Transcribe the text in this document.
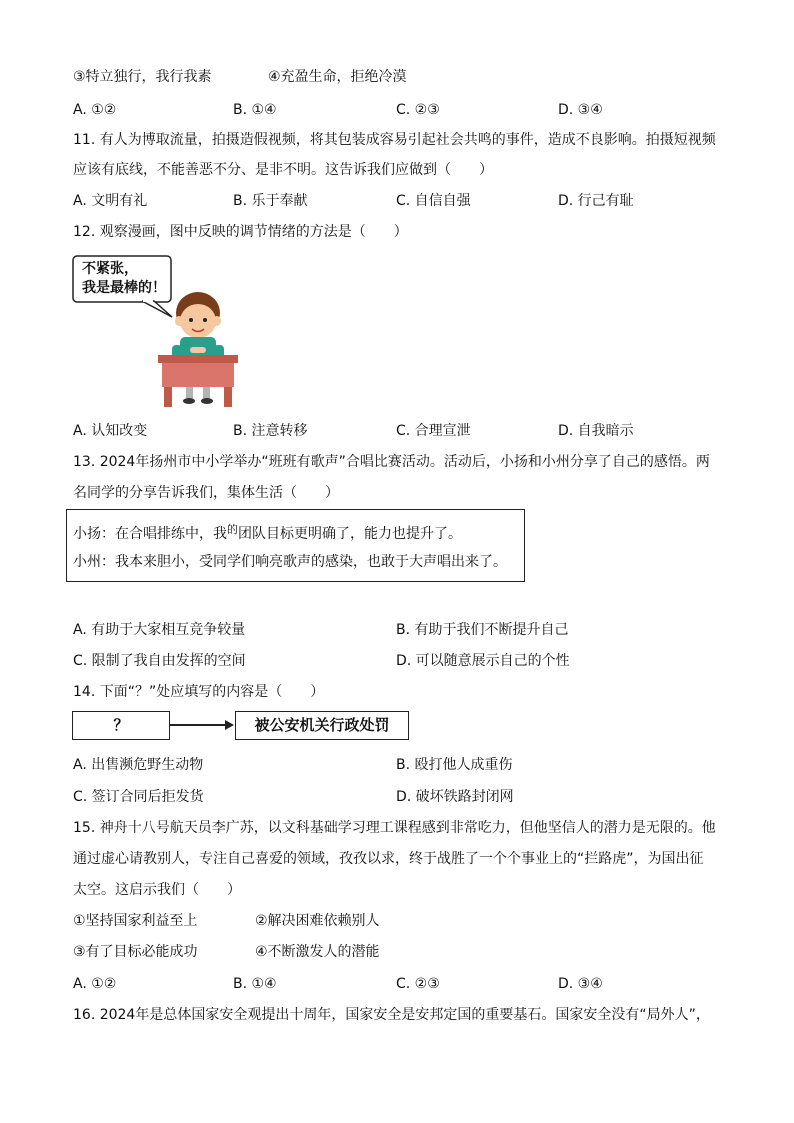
③特立独行，我行我素	④充盈生命，拒绝冷漠
A. ①②	B. ①④	C. ②③	D. ③④
11. 有人为博取流量，拍摄造假视频，将其包装成容易引起社会共鸣的事件，造成不良影响。拍摄短视频
应该有底线，不能善恶不分、是非不明。这告诉我们应做到（　　）
A. 文明有礼	B. 乐于奉献	C. 自信自强	D. 行己有耻
12. 观察漫画，图中反映的调节情绪的方法是（　　）
不紧张，
我是最棒的！
A. 认知改变	B. 注意转移	C. 合理宣泄	D. 自我暗示
13. 2024年扬州市中小学举办“班班有歌声”合唱比赛活动。活动后，小扬和小州分享了自己的感悟。两
名同学的分享告诉我们，集体生活（　　）
小扬：在合唱排练中，我$^的$团队目标更明确了，能力也提升了。
小州：我本来胆小，受同学们响亮歌声的感染，也敢于大声唱出来了。
A. 有助于大家相互竞争较量	B. 有助于我们不断提升自己
C. 限制了我自由发挥的空间	D. 可以随意展示自己的个性
14. 下面“？”处应填写的内容是（　　）
？	被公安机关行政处罚
A. 出售濒危野生动物	B. 殴打他人成重伤
C. 签订合同后拒发货	D. 破坏铁路封闭网
15. 神舟十八号航天员李广苏，以文科基础学习理工课程感到非常吃力，但他坚信人的潜力是无限的。他
通过虚心请教别人，专注自己喜爱的领域，孜孜以求，终于战胜了一个个事业上的“拦路虎”，为国出征
太空。这启示我们（　　）
①坚持国家利益至上	②解决困难依赖别人
③有了目标必能成功	④不断激发人的潜能
A. ①②	B. ①④	C. ②③	D. ③④
16. 2024年是总体国家安全观提出十周年，国家安全是安邦定国的重要基石。国家安全没有“局外人”，
